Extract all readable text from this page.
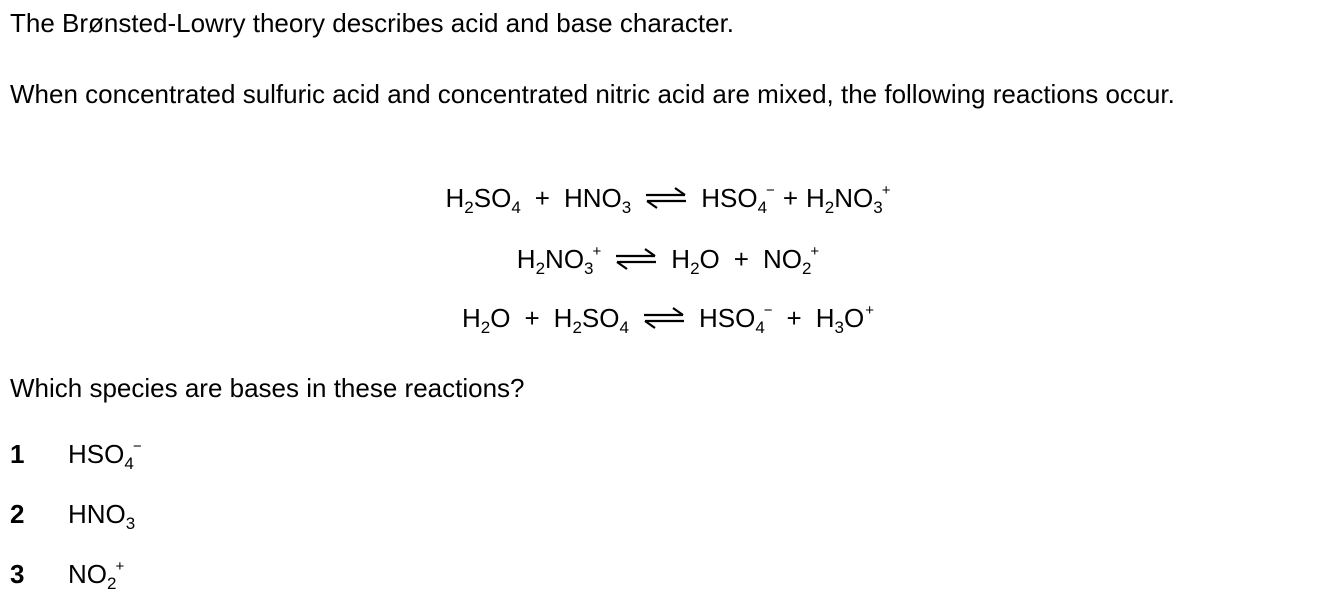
The Brønsted-Lowry theory describes acid and base character.

When concentrated sulfuric acid and concentrated nitric acid are mixed, the following reactions occur.

$H_2SO_4 + HNO_3$ ⇌ $HSO_4^- + H_2NO_3^+$
$H_2NO_3^+$ ⇌ $H_2O + NO_2^+$
$H_2O + H_2SO_4$ ⇌ $HSO_4^- + H_3O^+$

Which species are bases in these reactions?

1	$HSO_4^-$
2	$HNO_3$
3	$NO_2^+$
